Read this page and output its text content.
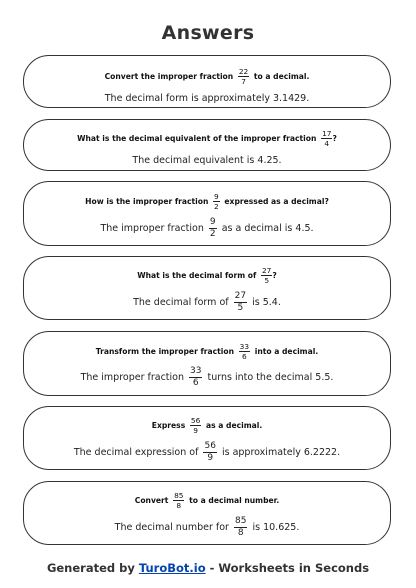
Answers
Convert the improper fraction $\frac{22}{7}$ to a decimal.
The decimal form is approximately 3.1429.
What is the decimal equivalent of the improper fraction $\frac{17}{4}$ ?
The decimal equivalent is 4.25.
How is the improper fraction $\frac{9}{2}$ expressed as a decimal?
The improper fraction $\frac{9}{2}$ as a decimal is 4.5.
What is the decimal form of $\frac{27}{5}$ ?
The decimal form of $\frac{27}{5}$ is 5.4.
Transform the improper fraction $\frac{33}{6}$ into a decimal.
The improper fraction $\frac{33}{6}$ turns into the decimal 5.5.
Express $\frac{56}{9}$ as a decimal.
The decimal expression of $\frac{56}{9}$ is approximately 6.2222.
Convert $\frac{85}{8}$ to a decimal number.
The decimal number for $\frac{85}{8}$ is 10.625.
Generated by TuroBot.io - Worksheets in Seconds
